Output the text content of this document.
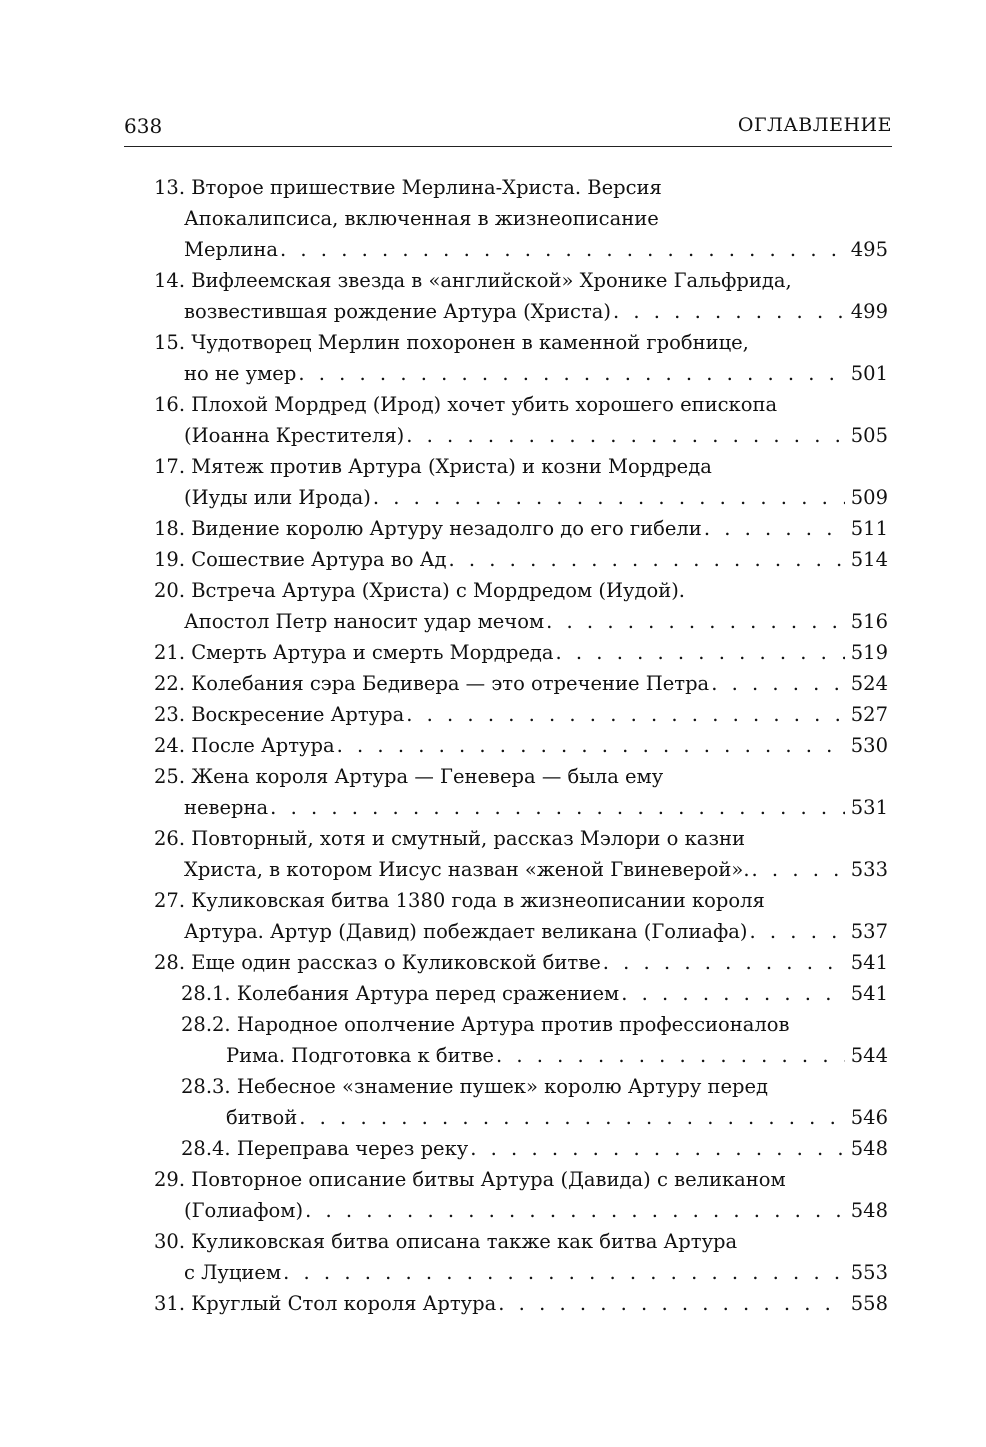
638	ОГЛАВЛЕНИЕ
13. Второе пришествие Мерлина-Христа. Версия
Апокалипсиса, включенная в жизнеописание
Мерлина . . .	495
14. Вифлеемская звезда в «английской» Хронике Гальфрида,
возвестившая рождение Артура (Христа) . . .	499
15. Чудотворец Мерлин похоронен в каменной гробнице,
но не умер . . .	501
16. Плохой Мордред (Ирод) хочет убить хорошего епископа
(Иоанна Крестителя) . . .	505
17. Мятеж против Артура (Христа) и козни Мордреда
(Иуды или Ирода) . . .	509
18. Видение королю Артуру незадолго до его гибели . . .	511
19. Сошествие Артура во Ад . . .	514
20. Встреча Артура (Христа) с Мордредом (Иудой).
Апостол Петр наносит удар мечом . . .	516
21. Смерть Артура и смерть Мордреда . . .	519
22. Колебания сэра Бедивера — это отречение Петра . . .	524
23. Воскресение Артура . . .	527
24. После Артура . . .	530
25. Жена короля Артура — Геневера — была ему
неверна . . .	531
26. Повторный, хотя и смутный, рассказ Мэлори о казни
Христа, в котором Иисус назван «женой Гвиневерой». . . .	533
27. Куликовская битва 1380 года в жизнеописании короля
Артура. Артур (Давид) побеждает великана (Голиафа) . . .	537
28. Еще один рассказ о Куликовской битве . . .	541
28.1. Колебания Артура перед сражением . . .	541
28.2. Народное ополчение Артура против профессионалов
Рима. Подготовка к битве . . .	544
28.3. Небесное «знамение пушек» королю Артуру перед
битвой . . .	546
28.4. Переправа через реку . . .	548
29. Повторное описание битвы Артура (Давида) с великаном
(Голиафом) . . .	548
30. Куликовская битва описана также как битва Артура
с Луцием . . .	553
31. Круглый Стол короля Артура . . .	558
